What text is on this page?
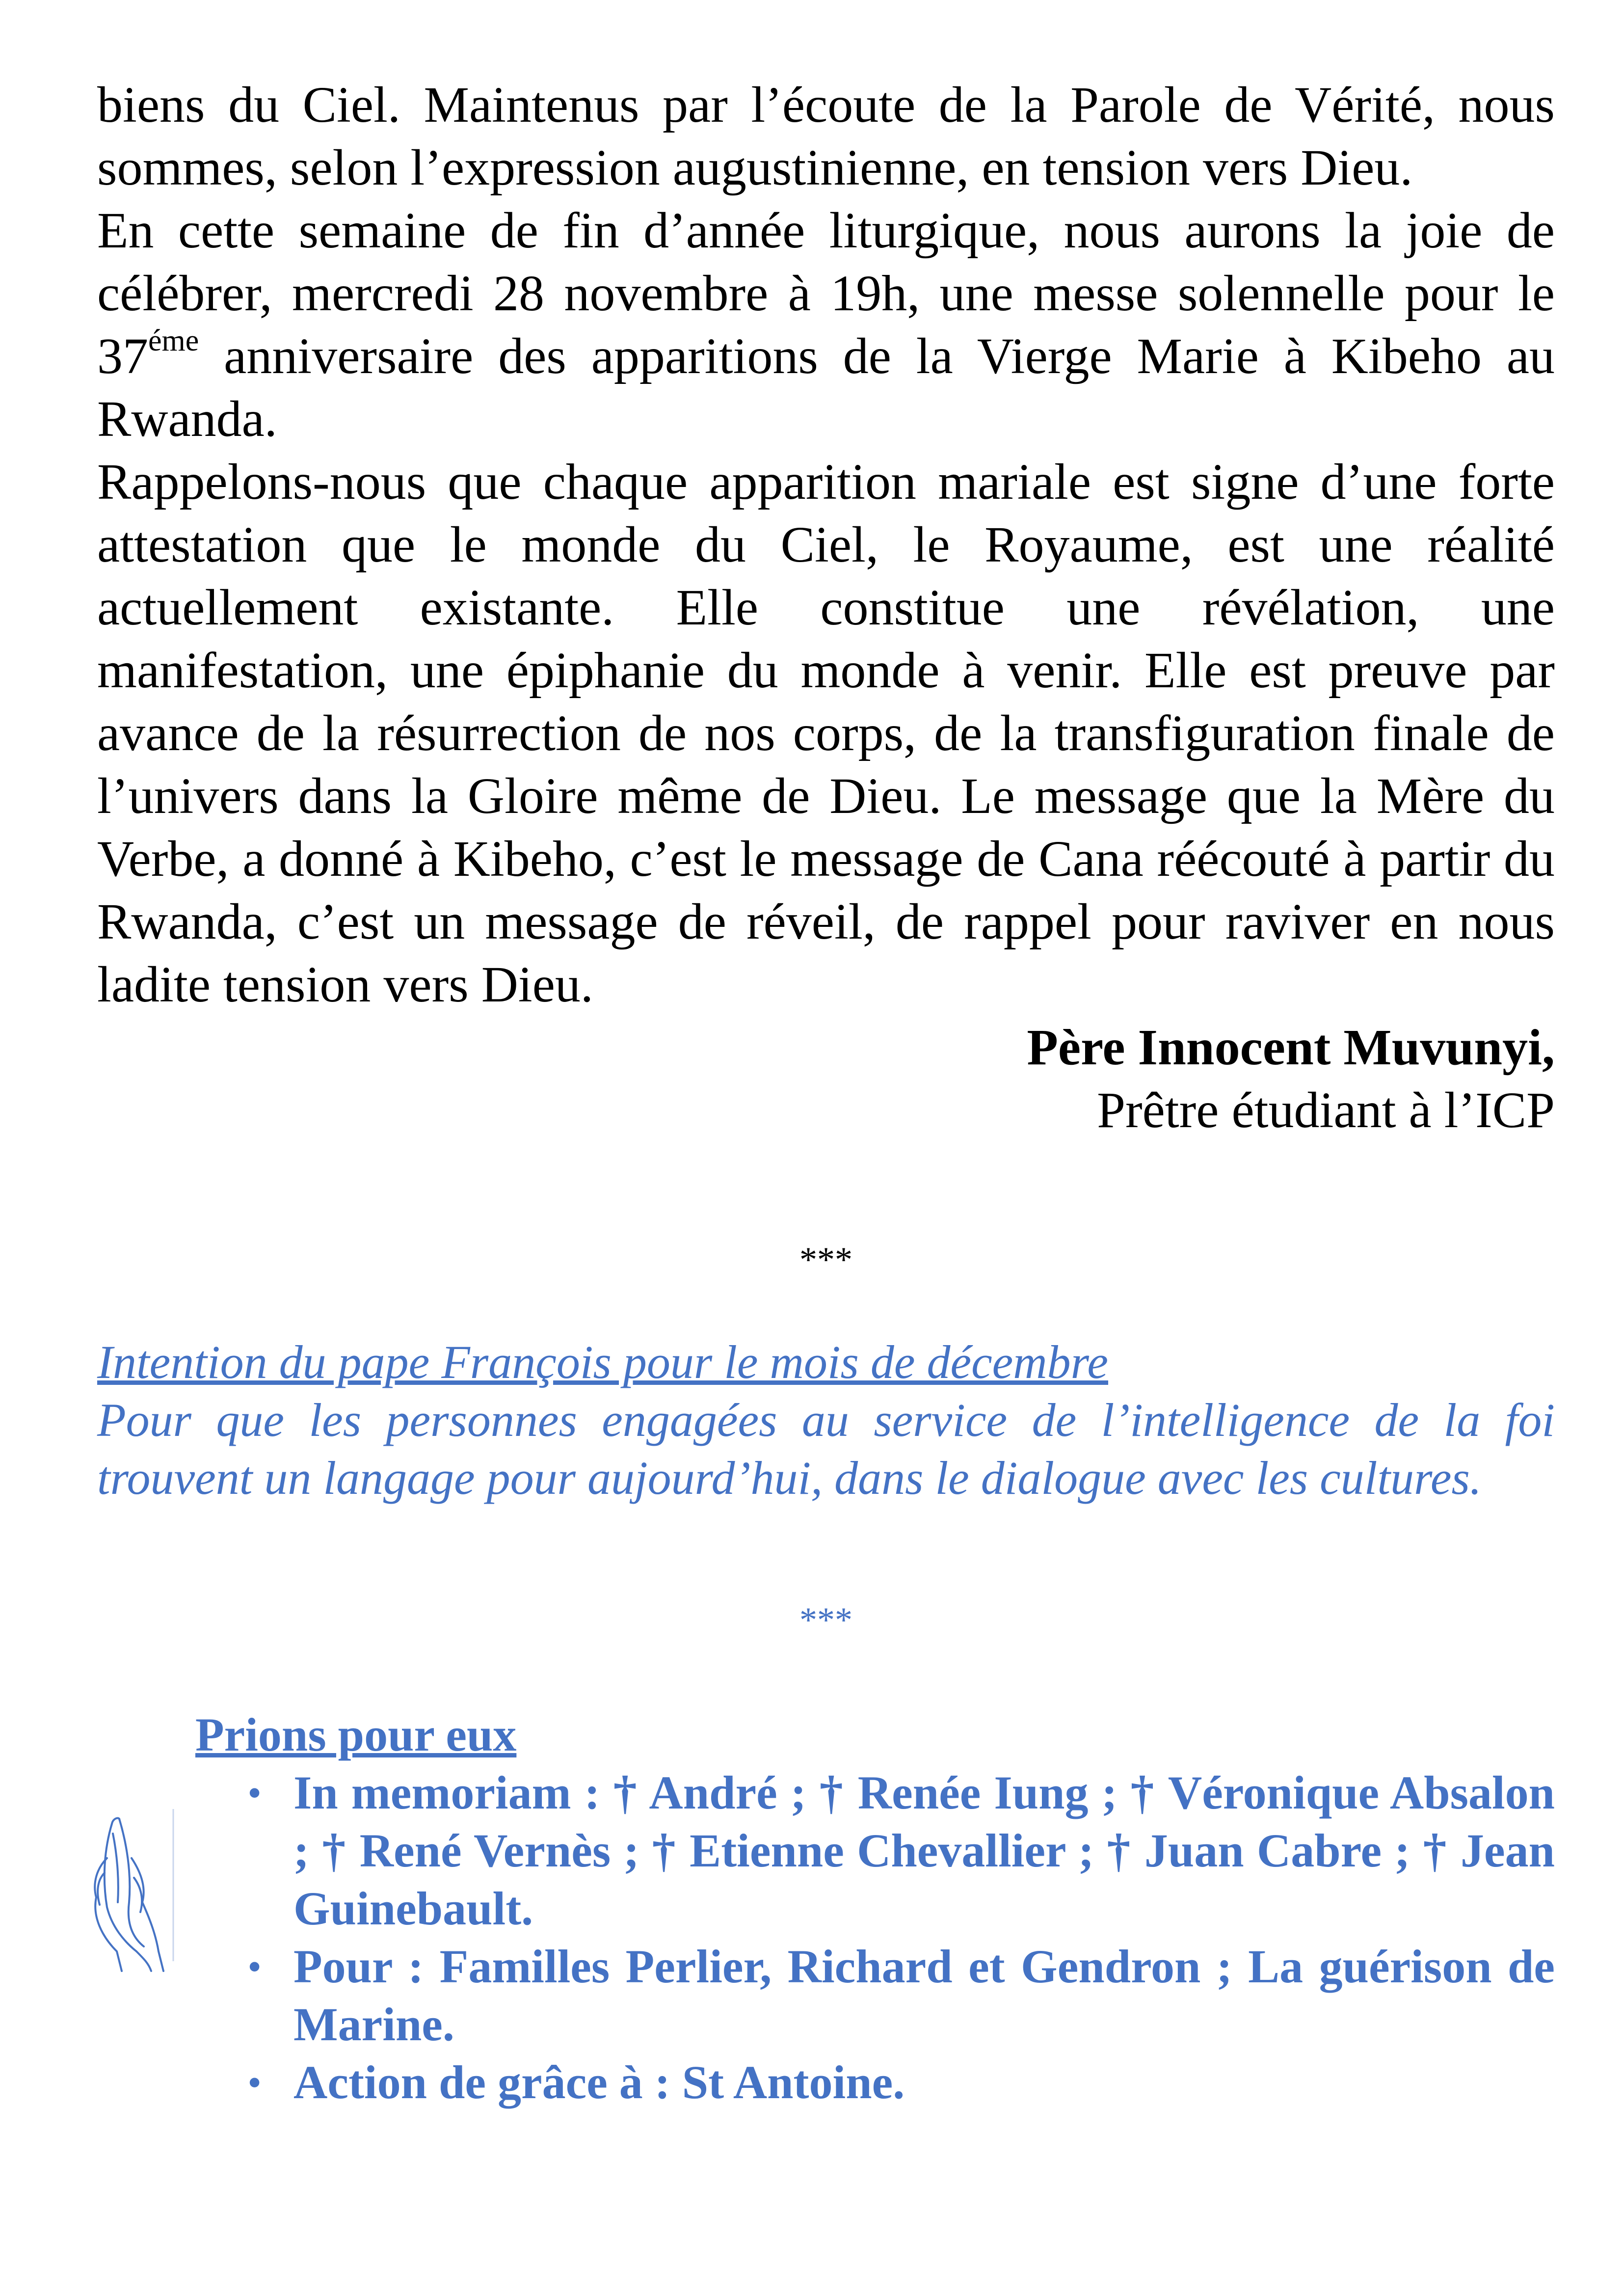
biens du Ciel. Maintenus par l’écoute de la Parole de Vérité, nous sommes, selon l’expression augustinienne, en tension vers Dieu.

En cette semaine de fin d’année liturgique, nous aurons la joie de célébrer, mercredi 28 novembre à 19h, une messe solennelle pour le $37^{éme}$ anniversaire des apparitions de la Vierge Marie à Kibeho au Rwanda.

Rappelons-nous que chaque apparition mariale est signe d’une forte attestation que le monde du Ciel, le Royaume, est une réalité actuellement existante. Elle constitue une révélation, une manifestation, une épiphanie du monde à venir. Elle est preuve par avance de la résurrection de nos corps, de la transfiguration finale de l’univers dans la Gloire même de Dieu. Le message que la Mère du Verbe, a donné à Kibeho, c’est le message de Cana réécouté à partir du Rwanda, c’est un message de réveil, de rappel pour raviver en nous ladite tension vers Dieu.

Père Innocent Muvunyi,
Prêtre étudiant à l’ICP
***
Intention du pape François pour le mois de décembre
Pour que les personnes engagées au service de l’intelligence de la foi trouvent un langage pour aujourd’hui, dans le dialogue avec les cultures.
***
Prions pour eux
• In memoriam : † André ; † Renée Iung ; † Véronique Absalon ; † René Vernès ; † Etienne Chevallier ; † Juan Cabre ; † Jean Guinebault.
• Pour : Familles Perlier, Richard et Gendron ; La guérison de Marine.
• Action de grâce à : St Antoine.
